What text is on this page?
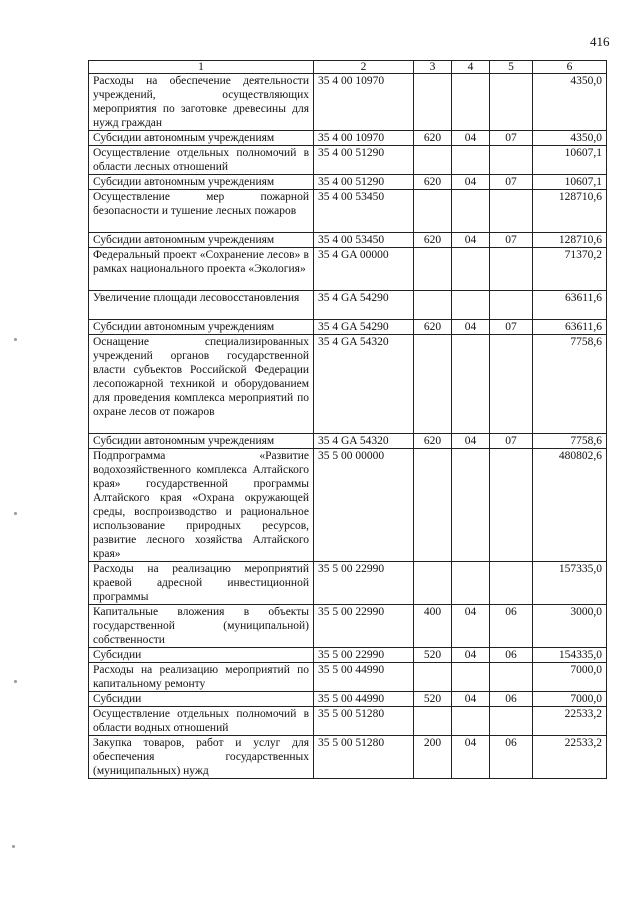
416
1	2	3	4	5	6
Расходы на обеспечение деятельности учреждений, осуществляющих мероприятия по заготовке древесины для нужд граждан	35 4 00 10970				4350,0
Субсидии автономным учреждениям	35 4 00 10970	620	04	07	4350,0
Осуществление отдельных полномочий в области лесных отношений	35 4 00 51290				10607,1
Субсидии автономным учреждениям	35 4 00 51290	620	04	07	10607,1
Осуществление мер пожарной безопасности и тушение лесных пожаров	35 4 00 53450				128710,6
Субсидии автономным учреждениям	35 4 00 53450	620	04	07	128710,6
Федеральный проект «Сохранение лесов» в рамках национального проекта «Экология»	35 4 GA 00000				71370,2
Увеличение площади лесовосстановления	35 4 GA 54290				63611,6
Субсидии автономным учреждениям	35 4 GA 54290	620	04	07	63611,6
Оснащение специализированных учреждений органов государственной власти субъектов Российской Федерации лесопожарной техникой и оборудованием для проведения комплекса мероприятий по охране лесов от пожаров	35 4 GA 54320				7758,6
Субсидии автономным учреждениям	35 4 GA 54320	620	04	07	7758,6
Подпрограмма «Развитие водохозяйственного комплекса Алтайского края» государственной программы Алтайского края «Охрана окружающей среды, воспроизводство и рациональное использование природных ресурсов, развитие лесного хозяйства Алтайского края»	35 5 00 00000				480802,6
Расходы на реализацию мероприятий краевой адресной инвестиционной программы	35 5 00 22990				157335,0
Капитальные вложения в объекты государственной (муниципальной) собственности	35 5 00 22990	400	04	06	3000,0
Субсидии	35 5 00 22990	520	04	06	154335,0
Расходы на реализацию мероприятий по капитальному ремонту	35 5 00 44990				7000,0
Субсидии	35 5 00 44990	520	04	06	7000,0
Осуществление отдельных полномочий в области водных отношений	35 5 00 51280				22533,2
Закупка товаров, работ и услуг для обеспечения государственных (муниципальных) нужд	35 5 00 51280	200	04	06	22533,2
